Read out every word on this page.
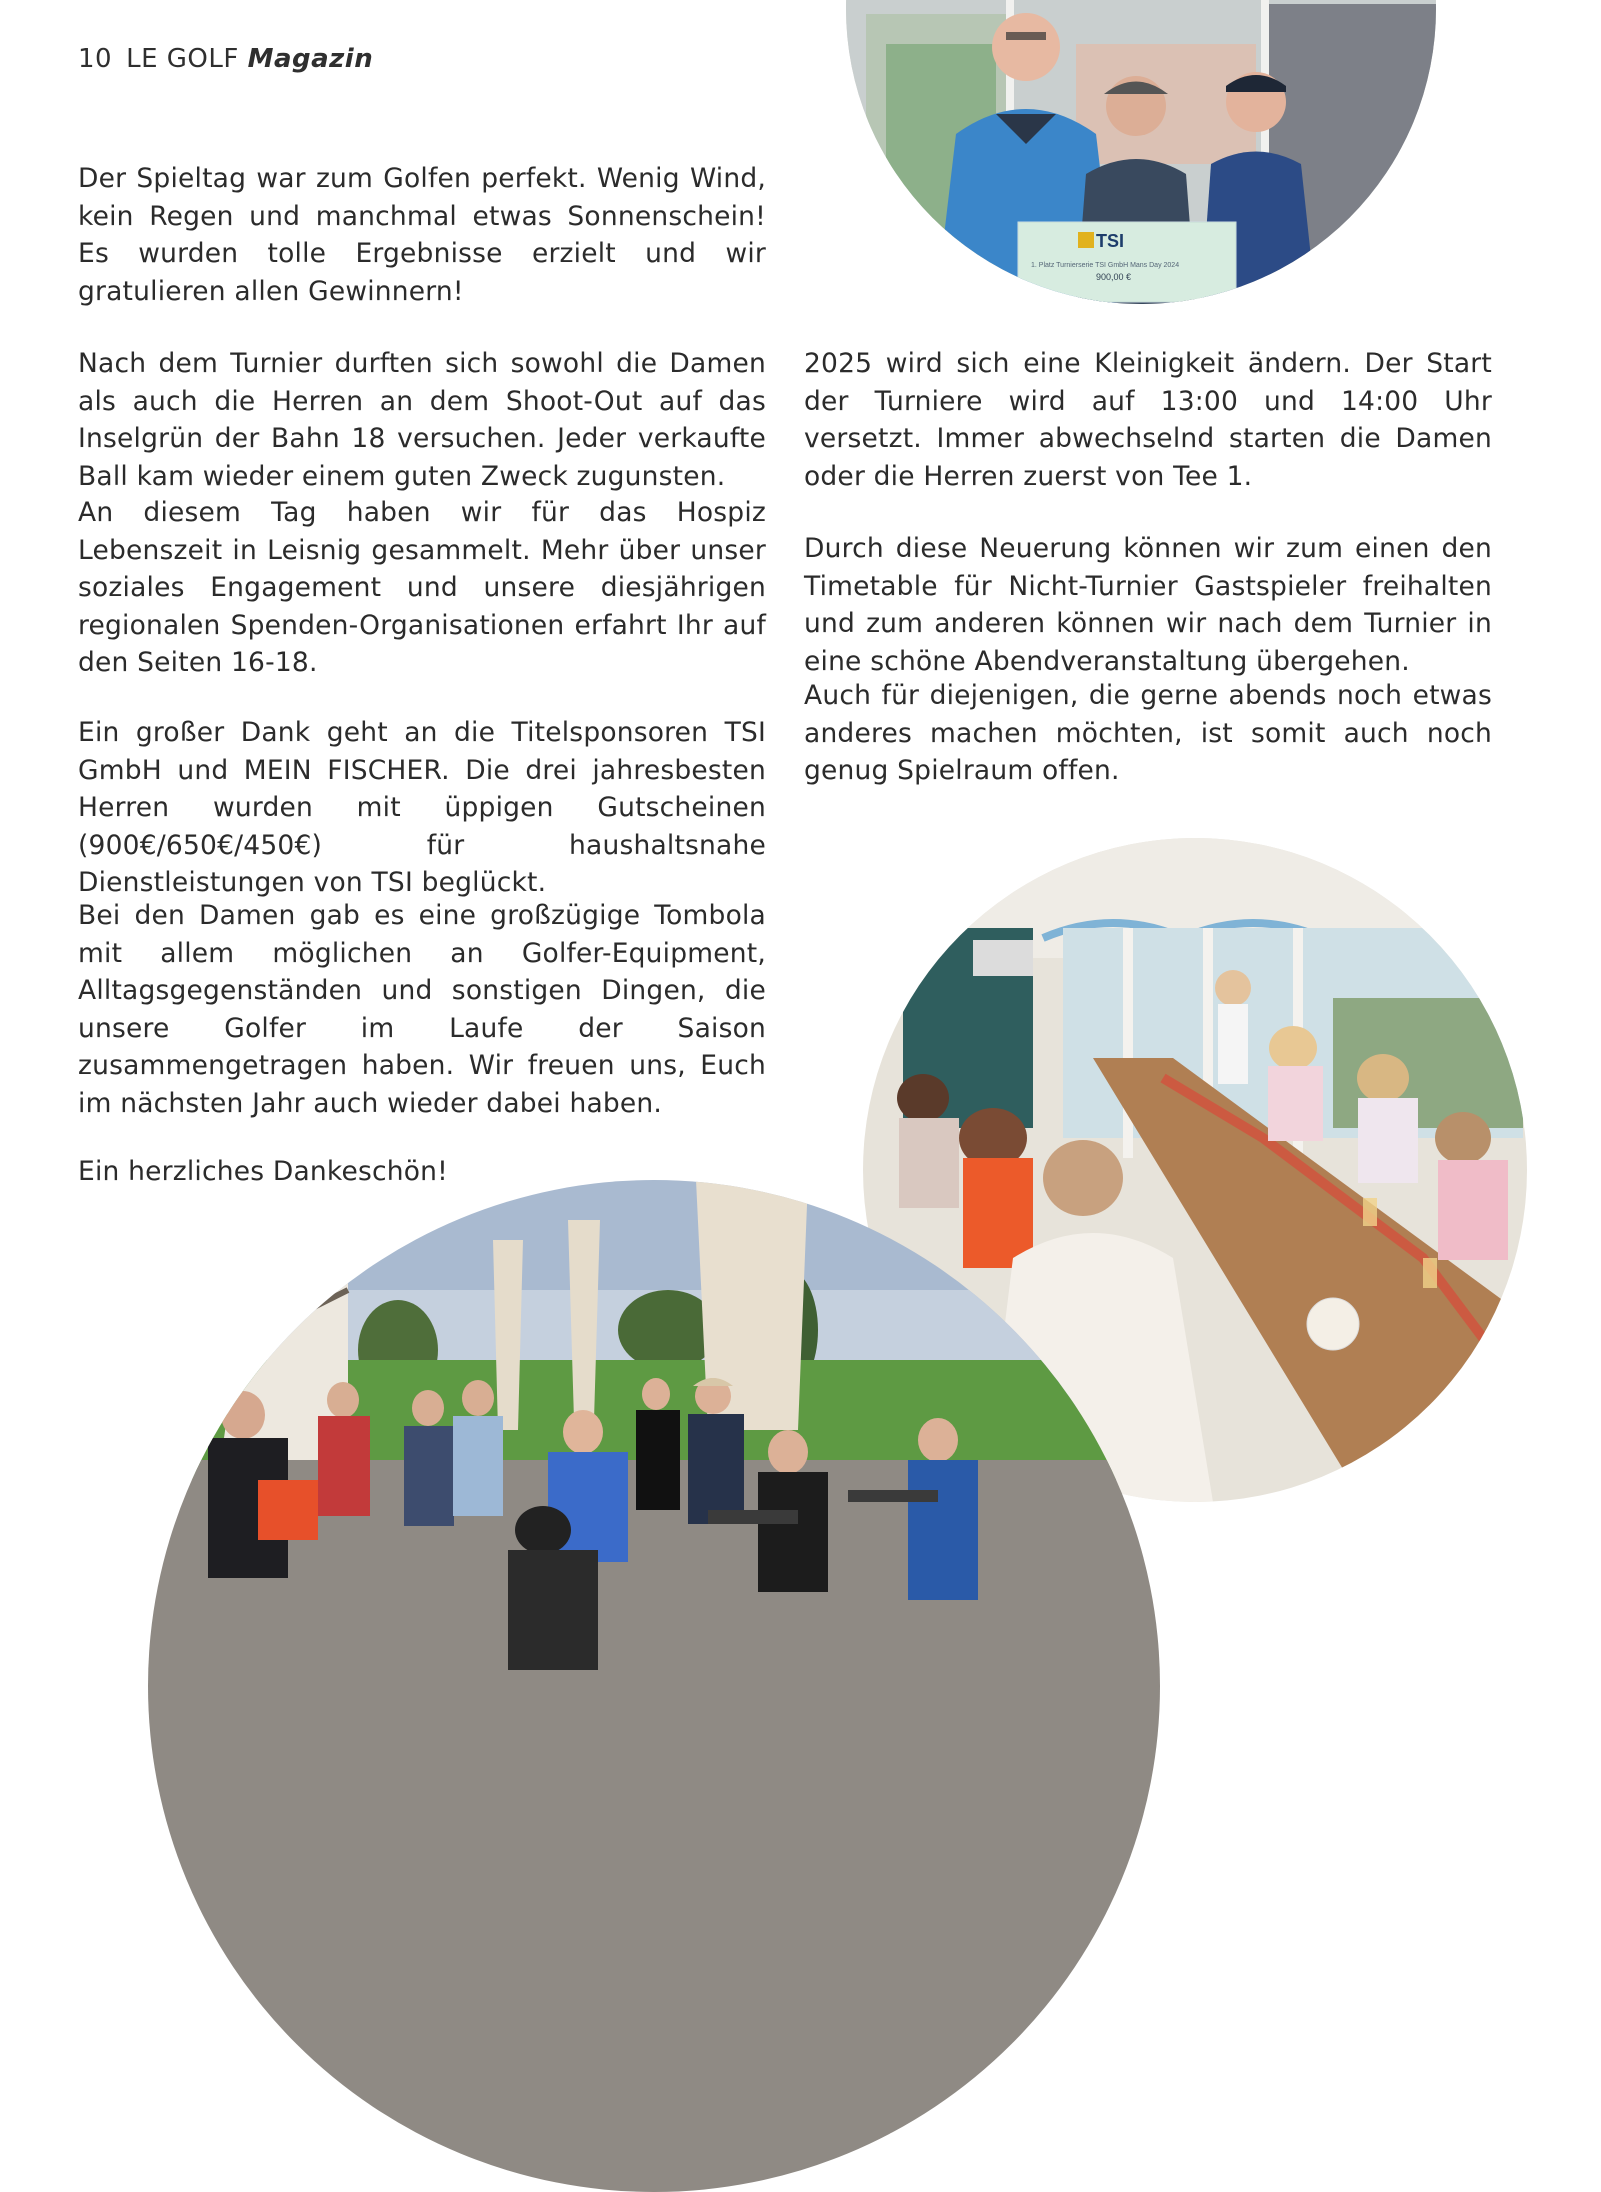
10 LE GOLF Magazin

Der Spieltag war zum Golfen perfekt. Wenig Wind, kein Regen und manchmal etwas Sonnenschein! Es wurden tolle Ergebnisse erzielt und wir gratulieren allen Gewinnern!

Nach dem Turnier durften sich sowohl die Damen als auch die Herren an dem Shoot-Out auf das Inselgrün der Bahn 18 versuchen. Jeder verkaufte Ball kam wieder einem guten Zweck zugunsten.

An diesem Tag haben wir für das Hospiz Lebenszeit in Leisnig gesammelt. Mehr über unser soziales Engagement und unsere diesjährigen regionalen Spenden-Organisationen erfahrt Ihr auf den Seiten 16-18.

Ein großer Dank geht an die Titelsponsoren TSI GmbH und MEIN FISCHER. Die drei jahresbesten Herren wurden mit üppigen Gutscheinen (900€/650€/450€) für haushaltsnahe Dienstleistungen von TSI beglückt.

Bei den Damen gab es eine großzügige Tombola mit allem möglichen an Golfer-Equipment, Alltagsgegenständen und sonstigen Dingen, die unsere Golfer im Laufe der Saison zusammengetragen haben. Wir freuen uns, Euch im nächsten Jahr auch wieder dabei haben.

Ein herzliches Dankeschön!

2025 wird sich eine Kleinigkeit ändern. Der Start der Turniere wird auf 13:00 und 14:00 Uhr versetzt. Immer abwechselnd starten die Damen oder die Herren zuerst von Tee 1.

Durch diese Neuerung können wir zum einen den Timetable für Nicht-Turnier Gastspieler freihalten und zum anderen können wir nach dem Turnier in eine schöne Abendveranstaltung übergehen.

Auch für diejenigen, die gerne abends noch etwas anderes machen möchten, ist somit auch noch genug Spielraum offen.

TSI
1. Platz Turnierserie TSI GmbH Mans Day 2024
900,00 €
